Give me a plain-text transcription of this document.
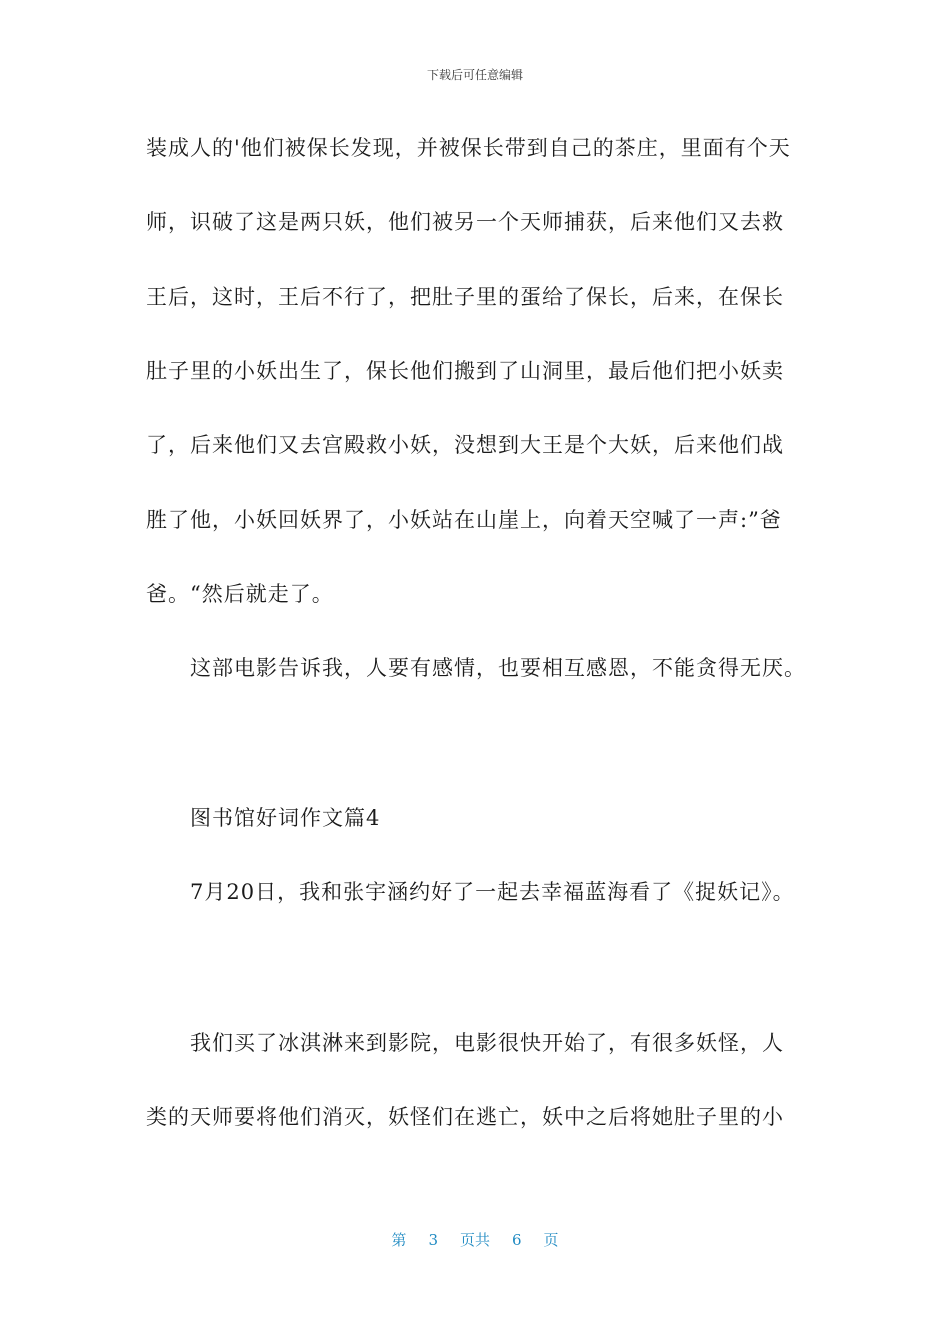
下载后可任意编辑
装成人的'他们被保长发现，并被保长带到自己的茶庄，里面有个天
师，识破了这是两只妖，他们被另一个天师捕获，后来他们又去救
王后，这时，王后不行了，把肚子里的蛋给了保长，后来，在保长
肚子里的小妖出生了，保长他们搬到了山洞里，最后他们把小妖卖
了，后来他们又去宫殿救小妖，没想到大王是个大妖，后来他们战
胜了他，小妖回妖界了，小妖站在山崖上，向着天空喊了一声:”爸
爸。“然后就走了。
这部电影告诉我，人要有感情，也要相互感恩，不能贪得无厌。
图书馆好词作文篇4
7月20日，我和张宇涵约好了一起去幸福蓝海看了《捉妖记》。
我们买了冰淇淋来到影院，电影很快开始了，有很多妖怪，人
类的天师要将他们消灭，妖怪们在逃亡，妖中之后将她肚子里的小
第 3 页共 6 页
